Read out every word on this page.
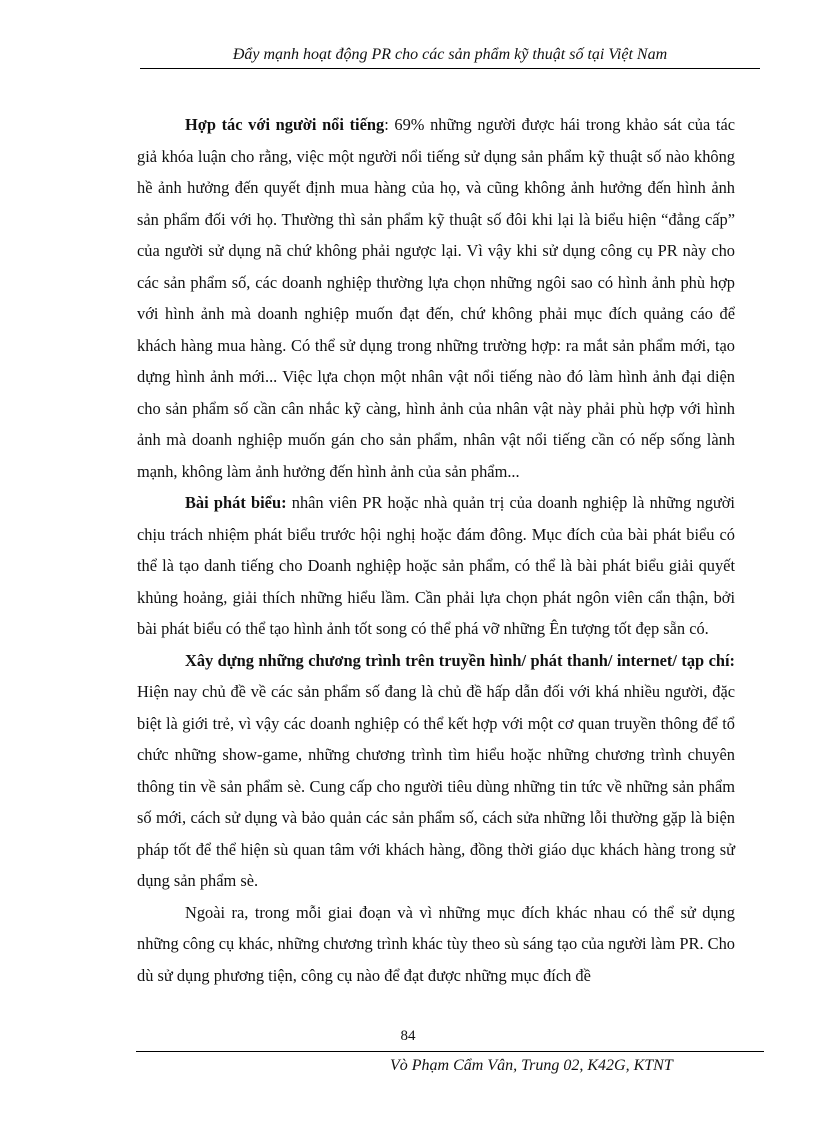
Đẩy mạnh hoạt động PR cho các sản phẩm kỹ thuật số tại Việt Nam

Hợp tác với người nổi tiếng: 69% những người được hái trong khảo sát của tác giả khóa luận cho rằng, việc một người nổi tiếng sử dụng sản phẩm kỹ thuật số nào không hề ảnh hưởng đến quyết định mua hàng của họ, và cũng không ảnh hưởng đến hình ảnh sản phẩm đối với họ. Thường thì sản phẩm kỹ thuật số đôi khi lại là biểu hiện “đẳng cấp” của người sử dụng nã chứ không phải ngược lại. Vì vậy khi sử dụng công cụ PR này cho các sản phẩm số, các doanh nghiệp thường lựa chọn những ngôi sao có hình ảnh phù hợp với hình ảnh mà doanh nghiệp muốn đạt đến, chứ không phải mục đích quảng cáo để khách hàng mua hàng. Có thể sử dụng trong những trường hợp: ra mắt sản phẩm mới, tạo dựng hình ảnh mới... Việc lựa chọn một nhân vật nổi tiếng nào đó làm hình ảnh đại diện cho sản phẩm số cần cân nhắc kỹ càng, hình ảnh của nhân vật này phải phù hợp với hình ảnh mà doanh nghiệp muốn gán cho sản phẩm, nhân vật nổi tiếng cần có nếp sống lành mạnh, không làm ảnh hưởng đến hình ảnh của sản phẩm...

Bài phát biểu: nhân viên PR hoặc nhà quản trị của doanh nghiệp là những người chịu trách nhiệm phát biểu trước hội nghị hoặc đám đông. Mục đích của bài phát biểu có thể là tạo danh tiếng cho Doanh nghiệp hoặc sản phẩm, có thể là bài phát biểu giải quyết khủng hoảng, giải thích những hiểu lầm. Cần phải lựa chọn phát ngôn viên cẩn thận, bởi bài phát biểu có thể tạo hình ảnh tốt song có thể phá vỡ những Ên tượng tốt đẹp sẵn có.

Xây dựng những chương trình trên truyền hình/ phát thanh/ internet/ tạp chí: Hiện nay chủ đề về các sản phẩm số đang là chủ đề hấp dẫn đối với khá nhiều người, đặc biệt là giới trẻ, vì vậy các doanh nghiệp có thể kết hợp với một cơ quan truyền thông để tổ chức những show-game, những chương trình tìm hiểu hoặc những chương trình chuyên thông tin về sản phẩm sè. Cung cấp cho người tiêu dùng những tin tức về những sản phẩm số mới, cách sử dụng và bảo quản các sản phẩm số, cách sửa những lỗi thường gặp là biện pháp tốt để thể hiện sù quan tâm với khách hàng, đồng thời giáo dục khách hàng trong sử dụng sản phẩm sè.

Ngoài ra, trong mỗi giai đoạn và vì những mục đích khác nhau có thể sử dụng những công cụ khác, những chương trình khác tùy theo sù sáng tạo của người làm PR. Cho dù sử dụng phương tiện, công cụ nào để đạt được những mục đích đề

84
Vò Phạm Cẩm Vân, Trung 02, K42G, KTNT
